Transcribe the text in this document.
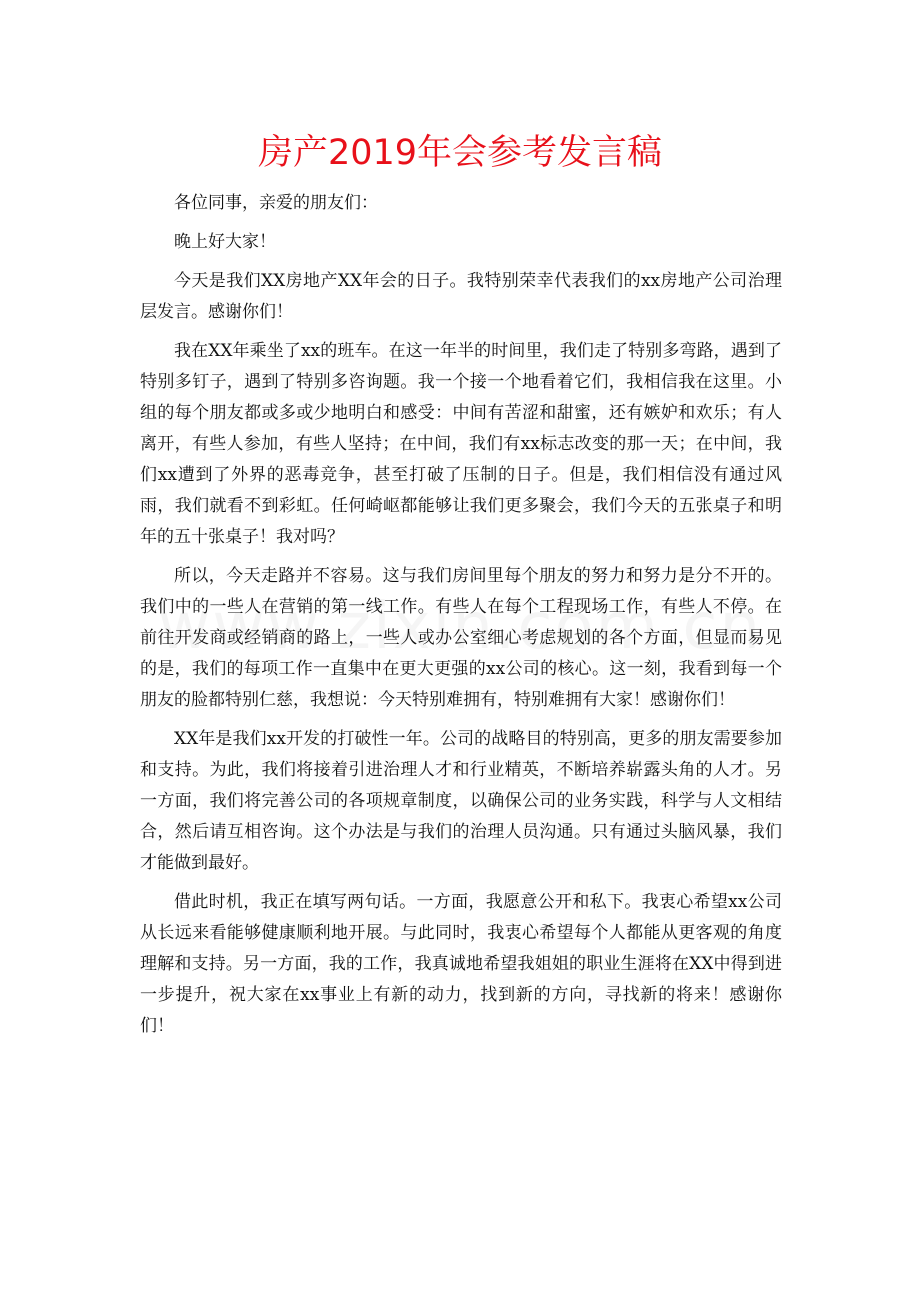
房产2019年会参考发言稿

各位同事，亲爱的朋友们：

晚上好大家！

今天是我们XX房地产XX年会的日子。我特别荣幸代表我们的xx房地产公司治理层发言。感谢你们！

我在XX年乘坐了xx的班车。在这一年半的时间里，我们走了特别多弯路，遇到了特别多钉子，遇到了特别多咨询题。我一个接一个地看着它们，我相信我在这里。小组的每个朋友都或多或少地明白和感受：中间有苦涩和甜蜜，还有嫉妒和欢乐；有人离开，有些人参加，有些人坚持；在中间，我们有xx标志改变的那一天；在中间，我们xx遭到了外界的恶毒竞争，甚至打破了压制的日子。但是，我们相信没有通过风雨，我们就看不到彩虹。任何崎岖都能够让我们更多聚会，我们今天的五张桌子和明年的五十张桌子！我对吗？

所以，今天走路并不容易。这与我们房间里每个朋友的努力和努力是分不开的。我们中的一些人在营销的第一线工作。有些人在每个工程现场工作，有些人不停。在前往开发商或经销商的路上，一些人或办公室细心考虑规划的各个方面，但显而易见的是，我们的每项工作一直集中在更大更强的xx公司的核心。这一刻，我看到每一个朋友的脸都特别仁慈，我想说：今天特别难拥有，特别难拥有大家！感谢你们！

XX年是我们xx开发的打破性一年。公司的战略目的特别高，更多的朋友需要参加和支持。为此，我们将接着引进治理人才和行业精英，不断培养崭露头角的人才。另一方面，我们将完善公司的各项规章制度，以确保公司的业务实践，科学与人文相结合，然后请互相咨询。这个办法是与我们的治理人员沟通。只有通过头脑风暴，我们才能做到最好。

借此时机，我正在填写两句话。一方面，我愿意公开和私下。我衷心希望xx公司从长远来看能够健康顺利地开展。与此同时，我衷心希望每个人都能从更客观的角度理解和支持。另一方面，我的工作，我真诚地希望我姐姐的职业生涯将在XX中得到进一步提升，祝大家在xx事业上有新的动力，找到新的方向，寻找新的将来！感谢你们！
